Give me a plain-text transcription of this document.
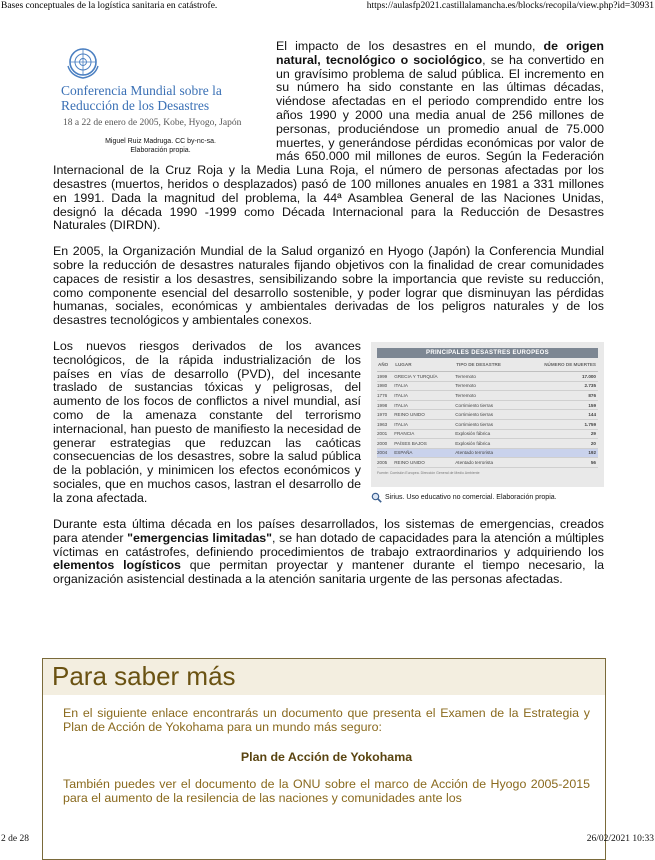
Bases conceptuales de la logística sanitaria en catástrofe.	https://aulasfp2021.castillalamancha.es/blocks/recopila/view.php?id=30931
Conferencia Mundial sobre la
Reducción de los Desastres
18 a 22 de enero de 2005, Kobe, Hyogo, Japón
Miguel Ruiz Madruga. CC by-nc-sa.
Elaboración propia.

El impacto de los desastres en el mundo, de origen natural, tecnológico o sociológico, se ha convertido en un gravísimo problema de salud pública. El incremento en su número ha sido constante en las últimas décadas, viéndose afectadas en el periodo comprendido entre los años 1990 y 2000 una media anual de 256 millones de personas, produciéndose un promedio anual de 75.000 muertes, y generándose pérdidas económicas por valor de más 650.000 mil millones de euros. Según la Federación Internacional de la Cruz Roja y la Media Luna Roja, el número de personas afectadas por los desastres (muertos, heridos o desplazados) pasó de 100 millones anuales en 1981 a 331 millones en 1991. Dada la magnitud del problema, la 44ª Asamblea General de las Naciones Unidas, designó la década 1990 -1999 como Década Internacional para la Reducción de Desastres Naturales (DIRDN).

En 2005, la Organización Mundial de la Salud organizó en Hyogo (Japón) la Conferencia Mundial sobre la reducción de desastres naturales fijando objetivos con la finalidad de crear comunidades capaces de resistir a los desastres, sensibilizando sobre la importancia que reviste su reducción, como componente esencial del desarrollo sostenible, y poder lograr que disminuyan las pérdidas humanas, sociales, económicas y ambientales derivadas de los peligros naturales y de los desastres tecnológicos y ambientales conexos.

PRINCIPALES DESASTRES EUROPEOS
AÑO	LUGAR	TIPO DE DESASTRE	NÚMERO DE MUERTES
1999	GRECIA Y TURQUÍA	Terremoto	17.000
1980	ITALIA	Terremoto	2.735
1776	ITALIA	Terremoto	876
1998	ITALIA	Corrimiento tierras	159
1970	REINO UNIDO	Corrimiento tierras	144
1963	ITALIA	Corrimiento tierras	1.759
2001	FRANCIA	Explosión fábrica	29
2000	PAÍSES BAJOS	Explosión fábrica	20
2004	ESPAÑA	Atentado terrorista	192
2005	REINO UNIDO	Atentado terrorista	56
Fuente: Comisión Europea. Dirección General de Medio Ambiente
Sirius. Uso educativo no comercial. Elaboración propia.

Los nuevos riesgos derivados de los avances tecnológicos, de la rápida industrialización de los países en vías de desarrollo (PVD), del incesante traslado de sustancias tóxicas y peligrosas, del aumento de los focos de conflictos a nivel mundial, así como de la amenaza constante del terrorismo internacional, han puesto de manifiesto la necesidad de generar estrategias que reduzcan las caóticas consecuencias de los desastres, sobre la salud pública de la población, y minimicen los efectos económicos y sociales, que en muchos casos, lastran el desarrollo de la zona afectada.

Durante esta última década en los países desarrollados, los sistemas de emergencias, creados para atender "emergencias limitadas", se han dotado de capacidades para la atención a múltiples víctimas en catástrofes, definiendo procedimientos de trabajo extraordinarios y adquiriendo los elementos logísticos que permitan proyectar y mantener durante el tiempo necesario, la organización asistencial destinada a la atención sanitaria urgente de las personas afectadas.

Para saber más

En el siguiente enlace encontrarás un documento que presenta el Examen de la Estrategia y Plan de Acción de Yokohama para un mundo más seguro:

Plan de Acción de Yokohama

También puedes ver el documento de la ONU sobre el marco de Acción de Hyogo 2005-2015 para el aumento de la resilencia de las naciones y comunidades ante los

2 de 28	26/02/2021 10:33
